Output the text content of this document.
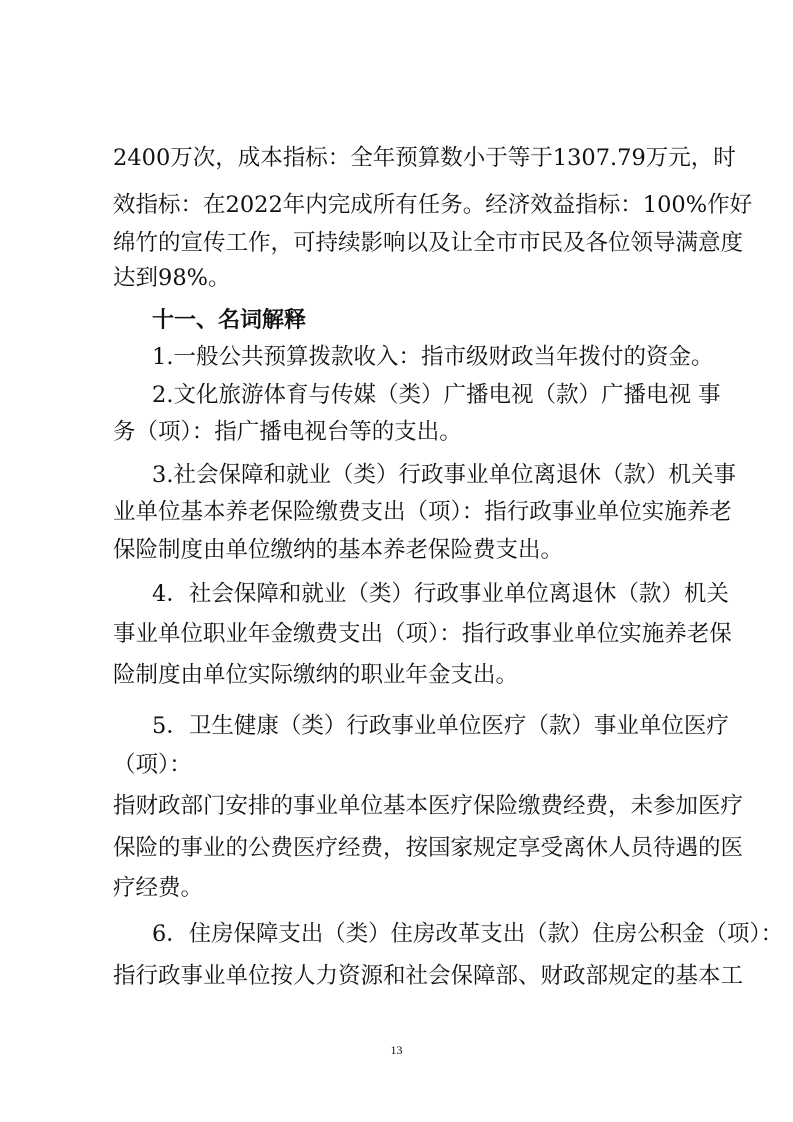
2400万次，成本指标：全年预算数小于等于1307.79万元，时
效指标：在2022年内完成所有任务。经济效益指标：100%作好
绵竹的宣传工作，可持续影响以及让全市市民及各位领导满意度
达到98%。
十一、名词解释
1.一般公共预算拨款收入：指市级财政当年拨付的资金。
2.文化旅游体育与传媒（类）广播电视（款）广播电视 事
务（项）：指广播电视台等的支出。
3.社会保障和就业（类）行政事业单位离退休（款）机关事
业单位基本养老保险缴费支出（项）：指行政事业单位实施养老
保险制度由单位缴纳的基本养老保险费支出。
4．社会保障和就业（类）行政事业单位离退休（款）机关
事业单位职业年金缴费支出（项）：指行政事业单位实施养老保
险制度由单位实际缴纳的职业年金支出。
5．卫生健康（类）行政事业单位医疗（款）事业单位医疗
（项）：
指财政部门安排的事业单位基本医疗保险缴费经费，未参加医疗
保险的事业的公费医疗经费，按国家规定享受离休人员待遇的医
疗经费。
6．住房保障支出（类）住房改革支出（款）住房公积金（项）：
指行政事业单位按人力资源和社会保障部、财政部规定的基本工
13
